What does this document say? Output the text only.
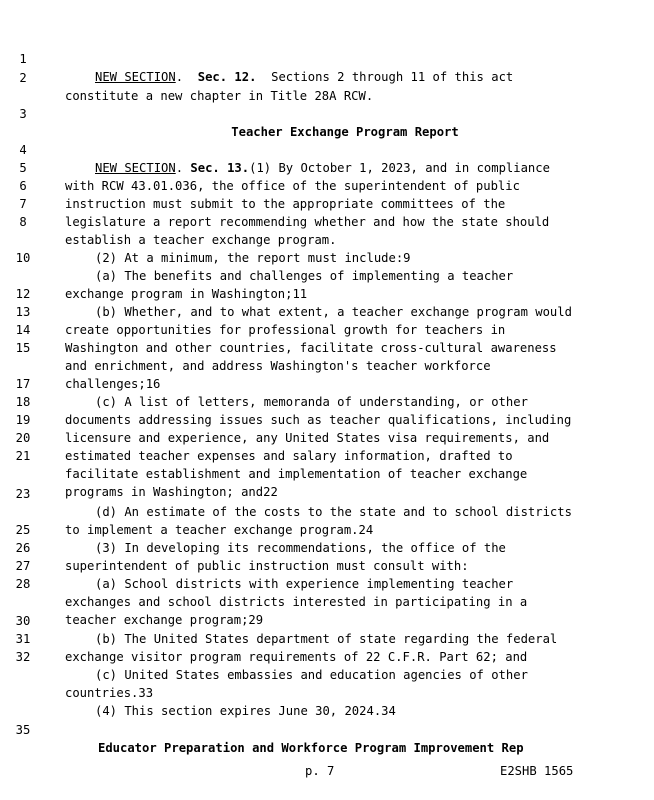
1

NEW SECTION.  Sec. 12.  Sections 2 through 11 of this act

2

constitute a new chapter in Title 28A RCW.

3

Teacher Exchange Program Report

4

NEW SECTION. Sec. 13.(1) By October 1, 2023, and in compliance

5

with RCW 43.01.036, the office of the superintendent of public

6

instruction must submit to the appropriate committees of the

7

legislature a report recommending whether and how the state should

8

establish a teacher exchange program.

(2) At a minimum, the report must include:9

10

(a) The benefits and challenges of implementing a teacher

exchange program in Washington;11

12

(b) Whether, and to what extent, a teacher exchange program would

13

create opportunities for professional growth for teachers in

14

Washington and other countries, facilitate cross-cultural awareness

15

and enrichment, and address Washington's teacher workforce

challenges;16

17

(c) A list of letters, memoranda of understanding, or other

18

documents addressing issues such as teacher qualifications, including

19

licensure and experience, any United States visa requirements, and

20

estimated teacher expenses and salary information, drafted to

21

facilitate establishment and implementation of teacher exchange

programs in Washington; and22

23

(d) An estimate of the costs to the state and to school districts

to implement a teacher exchange program.24

25

(3) In developing its recommendations, the office of the

26

superintendent of public instruction must consult with:

27

(a) School districts with experience implementing teacher

28

exchanges and school districts interested in participating in a

teacher exchange program;29

30

(b) The United States department of state regarding the federal

31

exchange visitor program requirements of 22 C.F.R. Part 62; and

32

(c) United States embassies and education agencies of other

countries.33

(4) This section expires June 30, 2024.34

35

Educator Preparation and Workforce Program Improvement Rep

p. 7	E2SHB 1565
